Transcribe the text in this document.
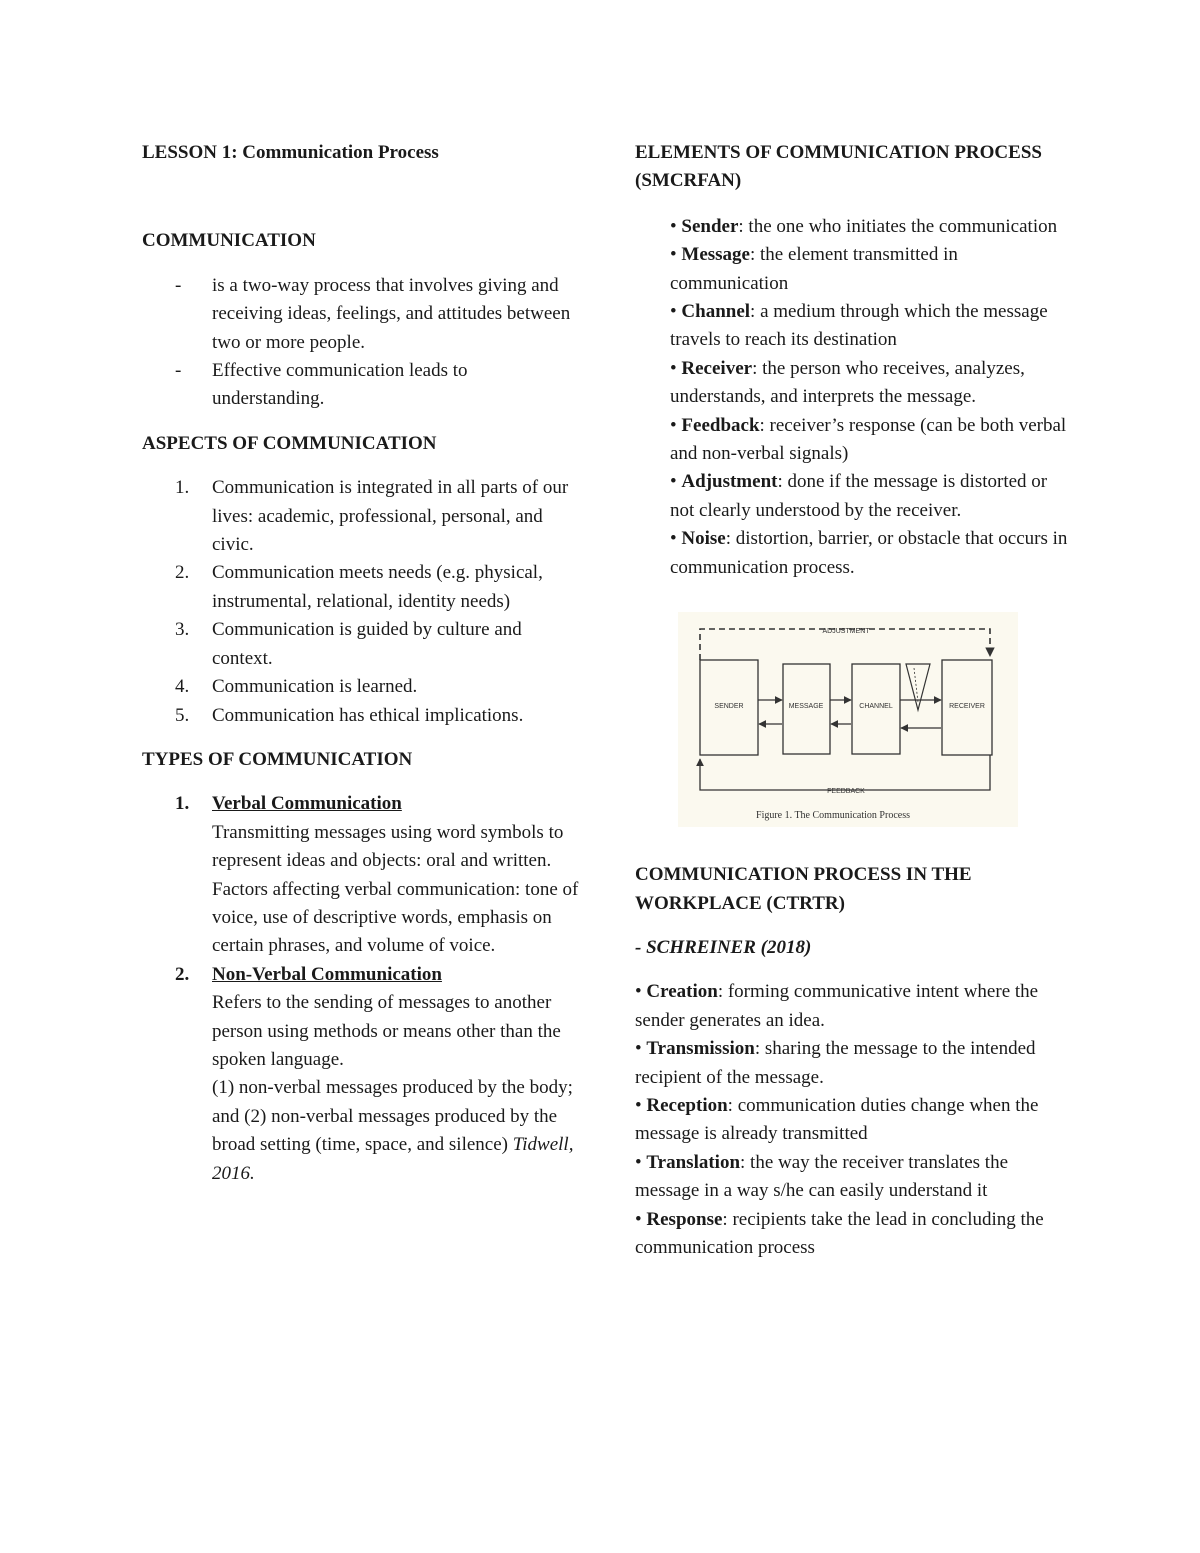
LESSON 1: Communication Process

COMMUNICATION

- is a two-way process that involves giving and receiving ideas, feelings, and attitudes between two or more people.
- Effective communication leads to understanding.

ASPECTS OF COMMUNICATION

1. Communication is integrated in all parts of our lives: academic, professional, personal, and civic.
2. Communication meets needs (e.g. physical, instrumental, relational, identity needs)
3. Communication is guided by culture and context.
4. Communication is learned.
5. Communication has ethical implications.

TYPES OF COMMUNICATION

1. Verbal Communication
Transmitting messages using word symbols to represent ideas and objects: oral and written.
Factors affecting verbal communication: tone of voice, use of descriptive words, emphasis on certain phrases, and volume of voice.
2. Non-Verbal Communication
Refers to the sending of messages to another person using methods or means other than the spoken language.
(1) non-verbal messages produced by the body; and (2) non-verbal messages produced by the broad setting (time, space, and silence) Tidwell, 2016.

ELEMENTS OF COMMUNICATION PROCESS (SMCRFAN)

• Sender: the one who initiates the communication

• Message: the element transmitted in communication

• Channel: a medium through which the message travels to reach its destination

• Receiver: the person who receives, analyzes, understands, and interprets the message.

• Feedback: receiver’s response (can be both verbal and non-verbal signals)

• Adjustment: done if the message is distorted or not clearly understood by the receiver.

• Noise: distortion, barrier, or obstacle that occurs in communication process.

ADJUSTMENT
SENDER	MESSAGE	CHANNEL	RECEIVER
FEEDBACK
Figure 1. The Communication Process

COMMUNICATION PROCESS IN THE WORKPLACE (CTRTR)

- SCHREINER (2018)

• Creation: forming communicative intent where the sender generates an idea.

• Transmission: sharing the message to the intended recipient of the message.

• Reception: communication duties change when the message is already transmitted

• Translation: the way the receiver translates the message in a way s/he can easily understand it

• Response: recipients take the lead in concluding the communication process
